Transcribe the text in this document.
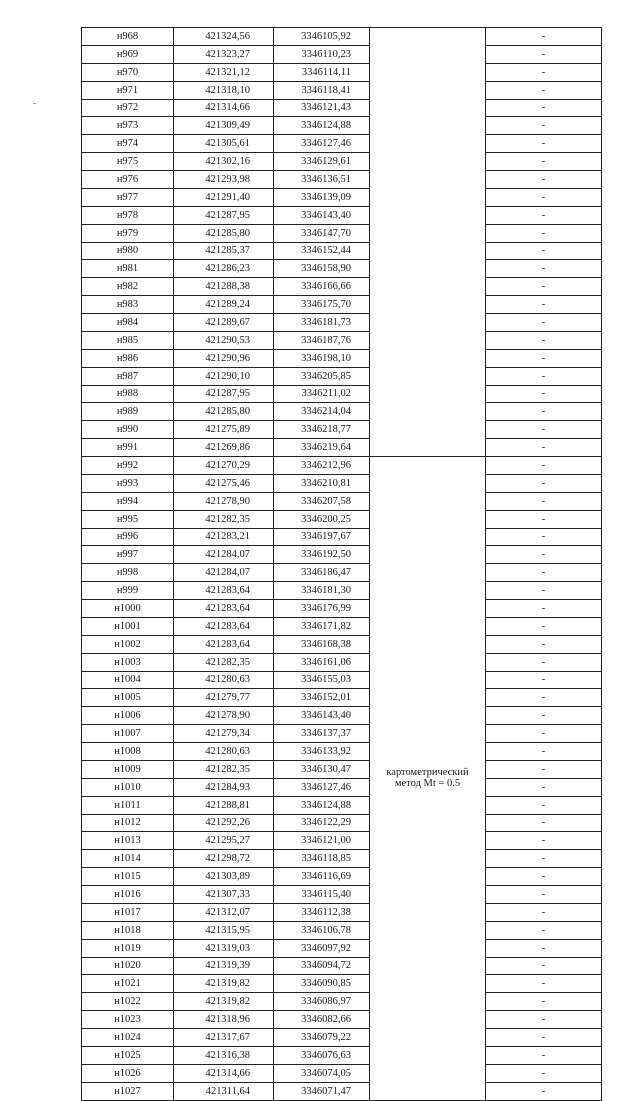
н968	421324,56	3346105,92		-
н969	421323,27	3346110,23		-
н970	421321,12	3346114,11		-
н971	421318,10	3346118,41		-
н972	421314,66	3346121,43		-
н973	421309,49	3346124,88		-
н974	421305,61	3346127,46		-
н975	421302,16	3346129,61		-
н976	421293,98	3346136,51		-
н977	421291,40	3346139,09		-
н978	421287,95	3346143,40		-
н979	421285,80	3346147,70		-
н980	421285,37	3346152,44		-
н981	421286,23	3346158,90		-
н982	421288,38	3346166,66		-
н983	421289,24	3346175,70		-
н984	421289,67	3346181,73		-
н985	421290,53	3346187,76		-
н986	421290,96	3346198,10		-
н987	421290,10	3346205,85		-
н988	421287,95	3346211,02		-
н989	421285,80	3346214,04		-
н990	421275,89	3346218,77		-
н991	421269,86	3346219,64		-
н992	421270,29	3346212,96	картометрический метод Mt = 0.5	-
н993	421275,46	3346210,81		-
н994	421278,90	3346207,58		-
н995	421282,35	3346200,25		-
н996	421283,21	3346197,67		-
н997	421284,07	3346192,50		-
н998	421284,07	3346186,47		-
н999	421283,64	3346181,30		-
н1000	421283,64	3346176,99		-
н1001	421283,64	3346171,82		-
н1002	421283,64	3346168,38		-
н1003	421282,35	3346161,06		-
н1004	421280,63	3346155,03		-
н1005	421279,77	3346152,01		-
н1006	421278,90	3346143,40		-
н1007	421279,34	3346137,37		-
н1008	421280,63	3346133,92		-
н1009	421282,35	3346130,47		-
н1010	421284,93	3346127,46		-
н1011	421288,81	3346124,88		-
н1012	421292,26	3346122,29		-
н1013	421295,27	3346121,00		-
н1014	421298,72	3346118,85		-
н1015	421303,89	3346116,69		-
н1016	421307,33	3346115,40		-
н1017	421312,07	3346112,38		-
н1018	421315,95	3346106,78		-
н1019	421319,03	3346097,92		-
н1020	421319,39	3346094,72		-
н1021	421319,82	3346090,85		-
н1022	421319,82	3346086,97		-
н1023	421318,96	3346082,66		-
н1024	421317,67	3346079,22		-
н1025	421316,38	3346076,63		-
н1026	421314,66	3346074,05		-
н1027	421311,64	3346071,47		-
